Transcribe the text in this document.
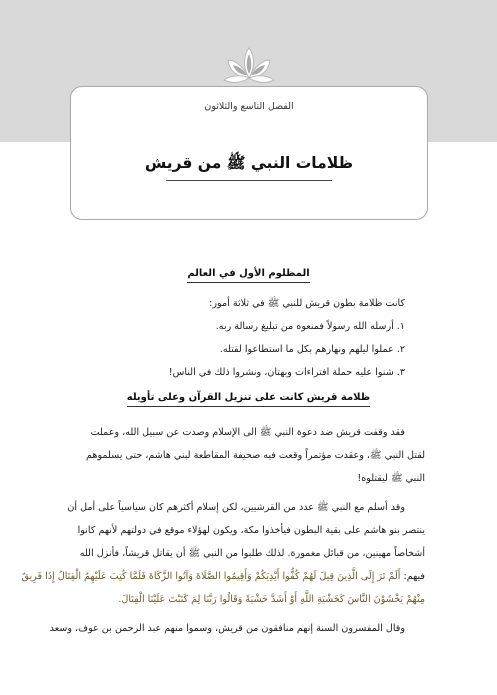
الفصل التاسع والثلاثون
ظلامات النبي ﷺ من قريش
المظلوم الأول في العالم
كانت ظلامة بطون قريش للنبي ﷺ في ثلاثة أمور:
١. أرسله الله رسولاً فمنعوه من تبليغ رسالة ربه.
٢. عملوا ليلهم ونهارهم بكل ما استطاعوا لقتله.
٣. شنوا عليه حملة افتراءات وبهتان، ونشروا ذلك في الناس!
ظلامة قريش كانت على تنزيل القرآن وعلى تأويله
فقد وقفت قريش ضد دعوة النبي ﷺ الى الإسلام وصدت عن سبيل الله، وعملت
لقتل النبي ﷺ، وعقدت مؤتمراً وقعت فيه صحيفة المقاطعة لبني هاشم، حتى يسلموهم
النبي ﷺ ليقتلوه!
وقد أسلم مع النبي ﷺ عدد من القرشيين، لكن إسلام أكثرهم كان سياسياً على أمل أن
ينتصر بنو هاشم على بقية البطون فيأخذوا مكة، ويكون لهؤلاء موقع في دولتهم لأنهم كانوا
أشخاصاً مهينين، من قبائل مغمورة. لذلك طلبوا من النبي ﷺ أن يقاتل قريشاً، فأنزل الله
فيهم: أَلَمْ تَرَ إِلَى الَّذِينَ قِيلَ لَهُمْ كُفُّوا أَيْدِيَكُمْ وَأَقِيمُوا الصَّلَاةَ وَآتُوا الزَّكَاةَ فَلَمَّا كُتِبَ عَلَيْهِمُ الْقِتَالُ إِذَا فَرِيقٌ
مِنْهُمْ يَخْشَوْنَ النَّاسَ كَخَشْيَةِ اللَّهِ أَوْ أَشَدَّ خَشْيَةً وَقَالُوا رَبَّنَا لِمَ كَتَبْتَ عَلَيْنَا الْقِتَالَ.
وقال المفسرون السنة إنهم منافقون من قريش، وسموا منهم عبد الرحمن بن عوف، وسعد
